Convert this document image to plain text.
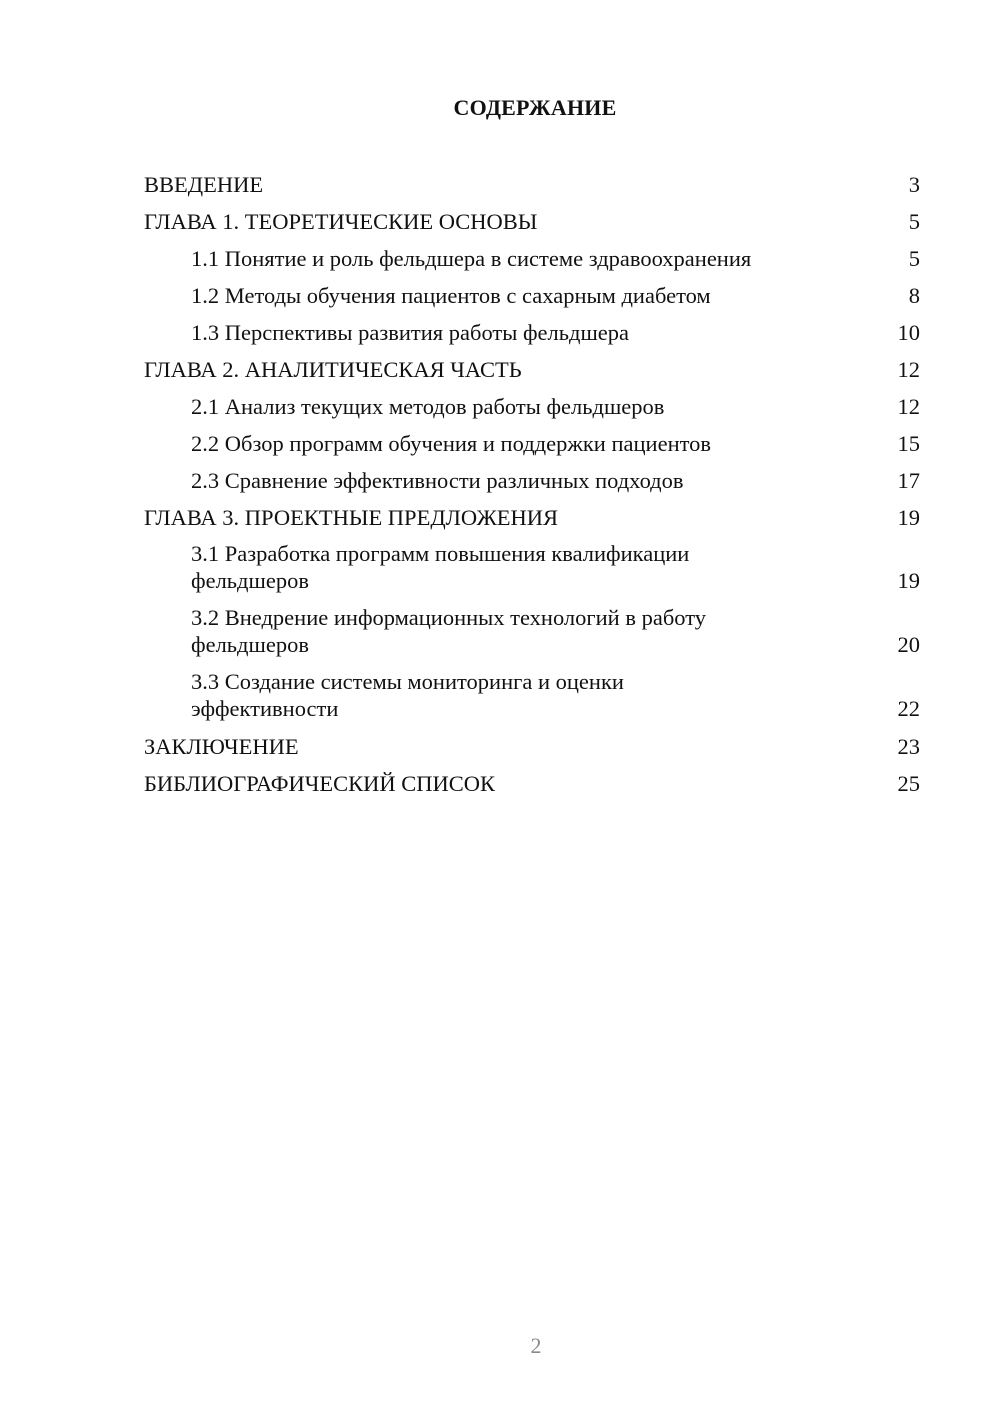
СОДЕРЖАНИЕ
ВВЕДЕНИЕ	3
ГЛАВА 1. ТЕОРЕТИЧЕСКИЕ ОСНОВЫ	5
1.1 Понятие и роль фельдшера в системе здравоохранения	5
1.2 Методы обучения пациентов с сахарным диабетом	8
1.3 Перспективы развития работы фельдшера	10
ГЛАВА 2. АНАЛИТИЧЕСКАЯ ЧАСТЬ	12
2.1 Анализ текущих методов работы фельдшеров	12
2.2 Обзор программ обучения и поддержки пациентов	15
2.3 Сравнение эффективности различных подходов	17
ГЛАВА 3. ПРОЕКТНЫЕ ПРЕДЛОЖЕНИЯ	19
3.1 Разработка программ повышения квалификации фельдшеров	19
3.2 Внедрение информационных технологий в работу фельдшеров	20
3.3 Создание системы мониторинга и оценки эффективности	22
ЗАКЛЮЧЕНИЕ	23
БИБЛИОГРАФИЧЕСКИЙ СПИСОК	25
2
